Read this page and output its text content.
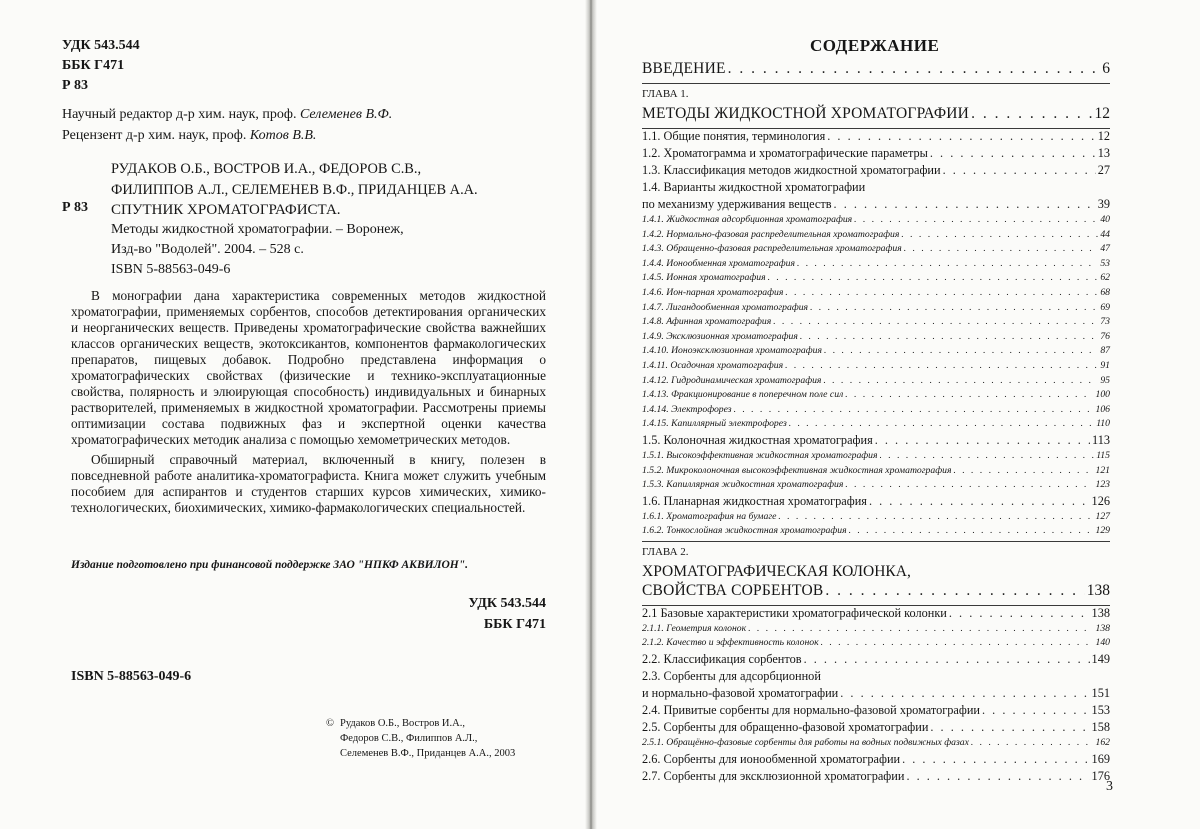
УДК 543.544
ББК Г471
Р 83
Научный редактор д-р хим. наук, проф. Селеменев В.Ф.
Рецензент д-р хим. наук, проф. Котов В.В.
РУДАКОВ О.Б., ВОСТРОВ И.А., ФЕДОРОВ С.В.,
ФИЛИППОВ А.Л., СЕЛЕМЕНЕВ В.Ф., ПРИДАНЦЕВ А.А.
Р 83 СПУТНИК ХРОМАТОГРАФИСТА.
Методы жидкостной хроматографии. – Воронеж,
Изд-во "Водолей". 2004. – 528 с.
ISBN 5-88563-049-6

В монографии дана характеристика современных методов жидкостной хроматографии, применяемых сорбентов, способов детектирования органических и неорганических веществ. Приведены хроматографические свойства важнейших классов органических веществ, экотоксикантов, компонентов фармакологических препаратов, пищевых добавок. Подробно представлена информация о хроматографических свойствах (физические и технико-эксплуатационные свойства, полярность и элюирующая способность) индивидуальных и бинарных растворителей, применяемых в жидкостной хроматографии. Рассмотрены приемы оптимизации состава подвижных фаз и экспертной оценки качества хроматографических методик анализа с помощью хемометрических методов.

Обширный справочный материал, включенный в книгу, полезен в повседневной работе аналитика-хроматографиста. Книга может служить учебным пособием для аспирантов и студентов старших курсов химических, химико-технологических, биохимических, химико-фармакологических специальностей.

Издание подготовлено при финансовой поддержке ЗАО "НПКФ АКВИЛОН".
УДК 543.544
ББК Г471
ISBN 5-88563-049-6
© Рудаков О.Б., Востров И.А.,
Федоров С.В., Филиппов А.Л.,
Селеменев В.Ф., Приданцев А.А., 2003
СОДЕРЖАНИЕ
ВВЕДЕНИЕ . . .	6
ГЛАВА 1.
МЕТОДЫ ЖИДКОСТНОЙ ХРОМАТОГРАФИИ . . .	12
1.1. Общие понятия, терминология . . .	12
1.2. Хроматограмма и хроматографические параметры . . .	13
1.3. Классификация методов жидкостной хроматографии . . .	27
1.4. Варианты жидкостной хроматографии
по механизму удерживания веществ . . .	39
1.4.1. Жидкостная адсорбционная хроматография . . .	40
1.4.2. Нормально-фазовая распределительная хроматография . . .	44
1.4.3. Обращенно-фазовая распределительная хроматография . . .	47
1.4.4. Ионообменная хроматография . . .	53
1.4.5. Ионная хроматография . . .	62
1.4.6. Ион-парная хроматография . . .	68
1.4.7. Лигандообменная хроматография . . .	69
1.4.8. Афинная хроматография . . .	73
1.4.9. Эксклюзионная хроматография . . .	76
1.4.10. Ионоэксклюзионная хроматография . . .	87
1.4.11. Осадочная хроматография . . .	91
1.4.12. Гидродинамическая хроматография . . .	95
1.4.13. Фракционирование в поперечном поле сил . . .	100
1.4.14. Электрофорез . . .	106
1.4.15. Капиллярный электрофорез . . .	110
1.5. Колоночная жидкостная хроматография . . .	113
1.5.1. Высокоэффективная жидкостная хроматография . . .	115
1.5.2. Микроколоночная высокоэффективная жидкостная хроматография . . .	121
1.5.3. Капиллярная жидкостная хроматография . . .	123
1.6. Планарная жидкостная хроматография . . .	126
1.6.1. Хроматография на бумаге . . .	127
1.6.2. Тонкослойная жидкостная хроматография . . .	129
ГЛАВА 2.
ХРОМАТОГРАФИЧЕСКАЯ КОЛОНКА,
СВОЙСТВА СОРБЕНТОВ . . .	138
2.1 Базовые характеристики хроматографической колонки . . .	138
2.1.1. Геометрия колонок . . .	138
2.1.2. Качество и эффективность колонок . . .	140
2.2. Классификация сорбентов . . .	149
2.3. Сорбенты для адсорбционной
и нормально-фазовой хроматографии . . .	151
2.4. Привитые сорбенты для нормально-фазовой хроматографии . . .	153
2.5. Сорбенты для обращенно-фазовой хроматографии . . .	158
2.5.1. Обращённо-фазовые сорбенты для работы на водных подвижных фазах . . .	162
2.6. Сорбенты для ионообменной хроматографии . . .	169
2.7. Сорбенты для эксклюзионной хроматографии . . .	176
3
